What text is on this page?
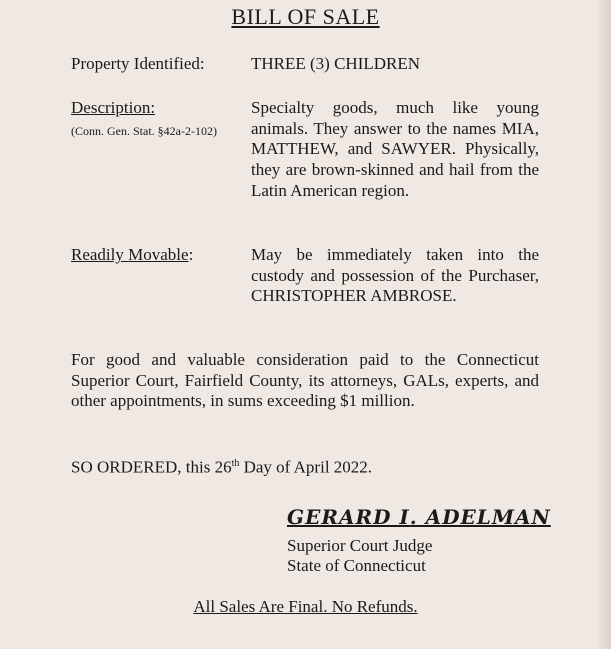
BILL OF SALE
Property Identified:	THREE (3) CHILDREN
Description:
(Conn. Gen. Stat. §42a-2-102)
Specialty goods, much like young animals. They answer to the names MIA, MATTHEW, and SAWYER. Physically, they are brown-skinned and hail from the Latin American region.
Readily Movable:	May be immediately taken into the custody and possession of the Purchaser, CHRISTOPHER AMBROSE.
For good and valuable consideration paid to the Connecticut Superior Court, Fairfield County, its attorneys, GALs, experts, and other appointments, in sums exceeding $1 million.
SO ORDERED, this 26th Day of April 2022.
GERARD I. ADELMAN
Superior Court Judge
State of Connecticut
All Sales Are Final. No Refunds.
